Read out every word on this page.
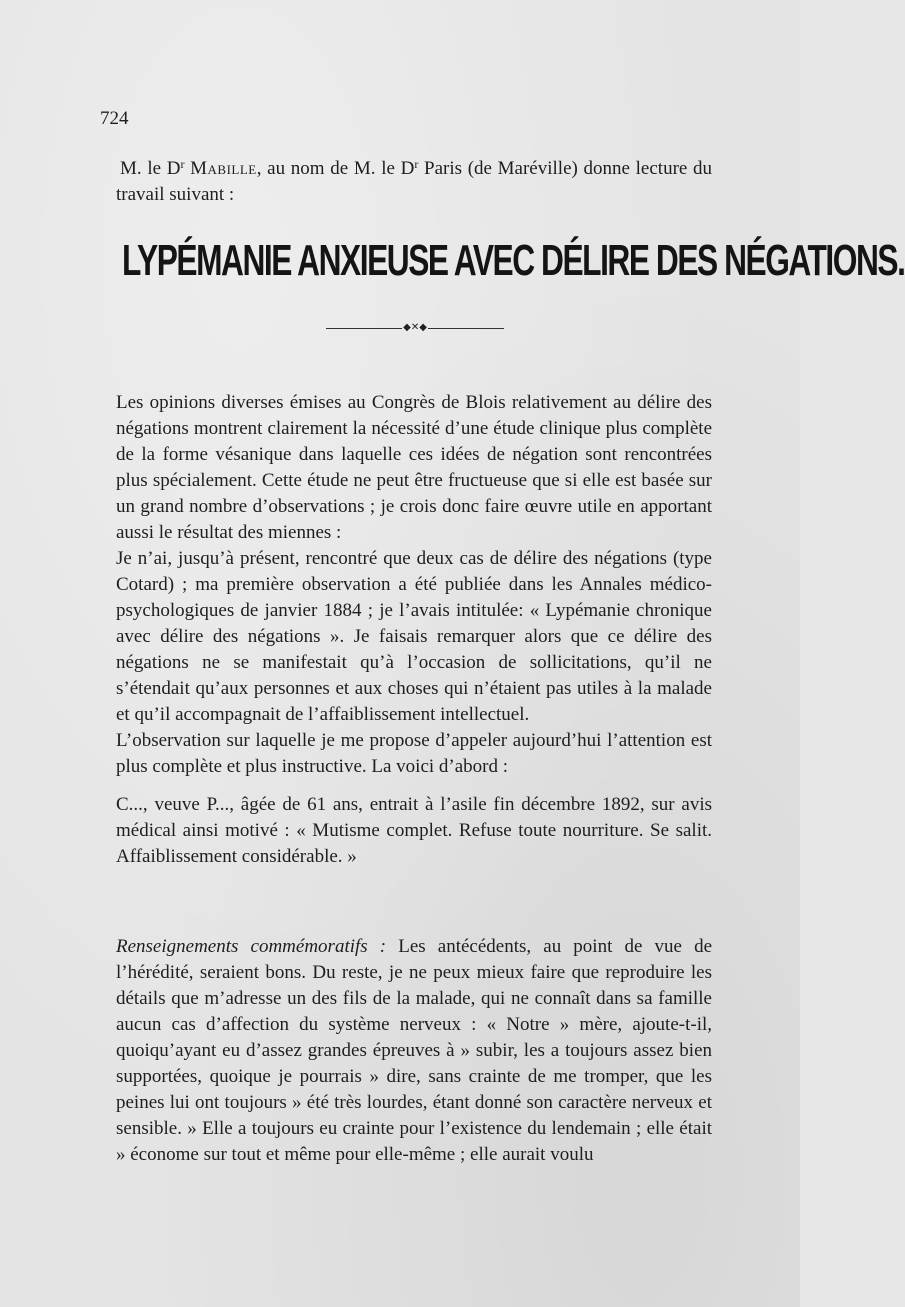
724

M. le $D^r$ Mabille, au nom de M. le $D^r$ Paris (de Maréville) donne lecture du travail suivant :

LYPÉMANIE ANXIEUSE AVEC DÉLIRE DES NÉGATIONS.
◆✕◆

Les opinions diverses émises au Congrès de Blois relativement au délire des négations montrent clairement la nécessité d’une étude clinique plus complète de la forme vésanique dans laquelle ces idées de négation sont rencontrées plus spécialement. Cette étude ne peut être fructueuse que si elle est basée sur un grand nombre d’observations ; je crois donc faire œuvre utile en apportant aussi le résultat des miennes :

Je n’ai, jusqu’à présent, rencontré que deux cas de délire des négations (type Cotard) ; ma première observation a été publiée dans les Annales médico-psychologiques de janvier 1884 ; je l’avais intitulée: « Lypémanie chronique avec délire des négations ». Je faisais remarquer alors que ce délire des négations ne se manifestait qu’à l’occasion de sollicitations, qu’il ne s’étendait qu’aux personnes et aux choses qui n’étaient pas utiles à la malade et qu’il accompagnait de l’affaiblissement intellectuel.

L’observation sur laquelle je me propose d’appeler aujourd’hui l’attention est plus complète et plus instructive. La voici d’abord :

C..., veuve P..., âgée de 61 ans, entrait à l’asile fin décembre 1892, sur avis médical ainsi motivé : « Mutisme complet. Refuse toute nourriture. Se salit. Affaiblissement considérable. »

Renseignements commémoratifs : Les antécédents, au point de vue de l’hérédité, seraient bons. Du reste, je ne peux mieux faire que reproduire les détails que m’adresse un des fils de la malade, qui ne connaît dans sa famille aucun cas d’affection du système nerveux : « Notre » mère, ajoute-t-il, quoiqu’ayant eu d’assez grandes épreuves à » subir, les a toujours assez bien supportées, quoique je pourrais » dire, sans crainte de me tromper, que les peines lui ont toujours » été très lourdes, étant donné son caractère nerveux et sensible. » Elle a toujours eu crainte pour l’existence du lendemain ; elle était » économe sur tout et même pour elle-même ; elle aurait voulu
